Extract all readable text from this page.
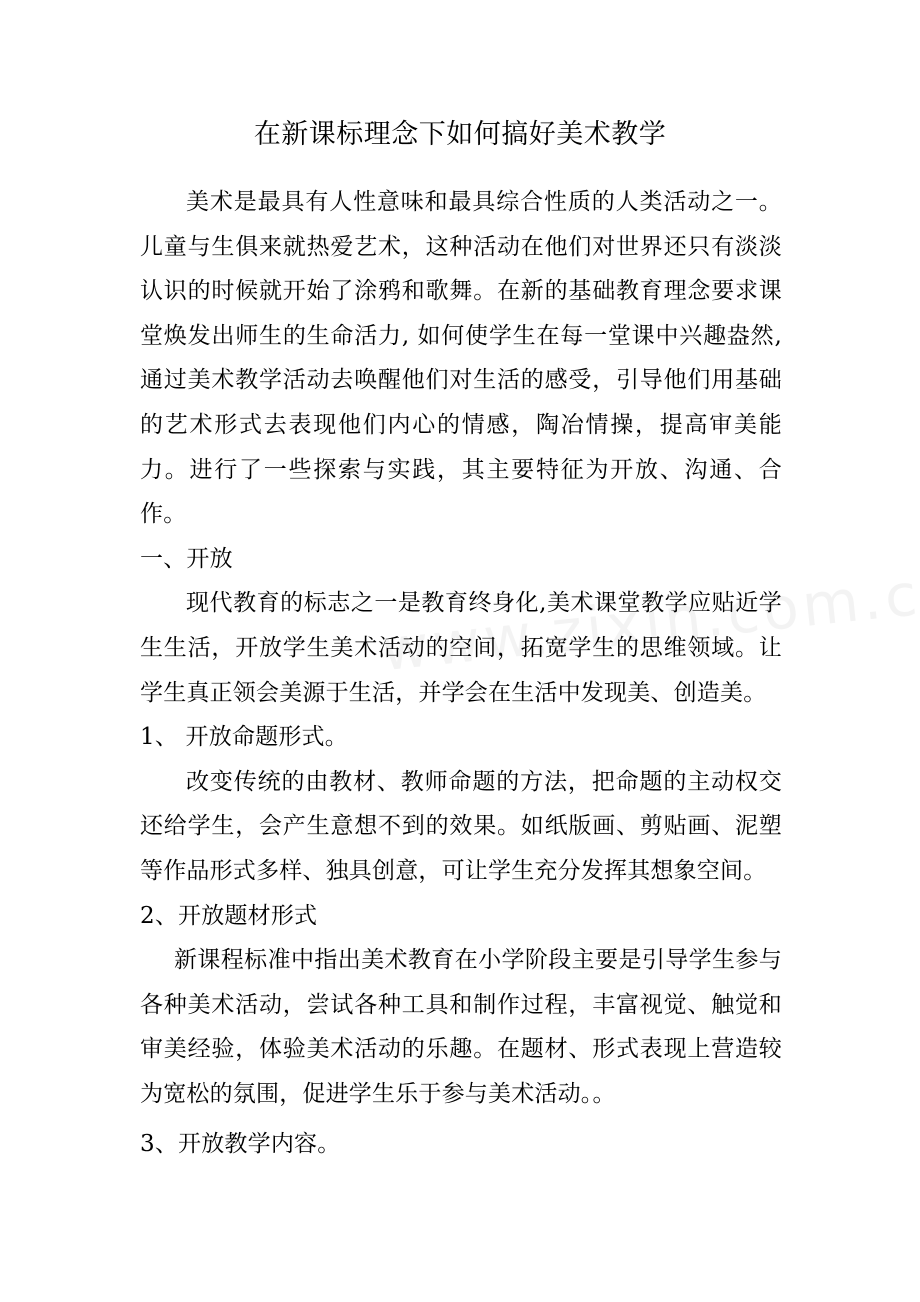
在新课标理念下如何搞好美术教学

美术是最具有人性意味和最具综合性质的人类活动之一。儿童与生俱来就热爱艺术，这种活动在他们对世界还只有淡淡认识的时候就开始了涂鸦和歌舞。在新的基础教育理念要求课堂焕发出师生的生命活力, 如何使学生在每一堂课中兴趣盎然, 通过美术教学活动去唤醒他们对生活的感受，引导他们用基础的艺术形式去表现他们内心的情感，陶冶情操，提高审美能力。进行了一些探索与实践，其主要特征为开放、沟通、合作。

一、开放

现代教育的标志之一是教育终身化,美术课堂教学应贴近学生生活，开放学生美术活动的空间，拓宽学生的思维领域。让学生真正领会美源于生活，并学会在生活中发现美、创造美。

1、 开放命题形式。

改变传统的由教材、教师命题的方法，把命题的主动权交还给学生，会产生意想不到的效果。如纸版画、剪贴画、泥塑等作品形式多样、独具创意，可让学生充分发挥其想象空间。

2、开放题材形式

新课程标准中指出美术教育在小学阶段主要是引导学生参与各种美术活动，尝试各种工具和制作过程，丰富视觉、触觉和审美经验，体验美术活动的乐趣。在题材、形式表现上营造较为宽松的氛围，促进学生乐于参与美术活动。。

3、开放教学内容。
